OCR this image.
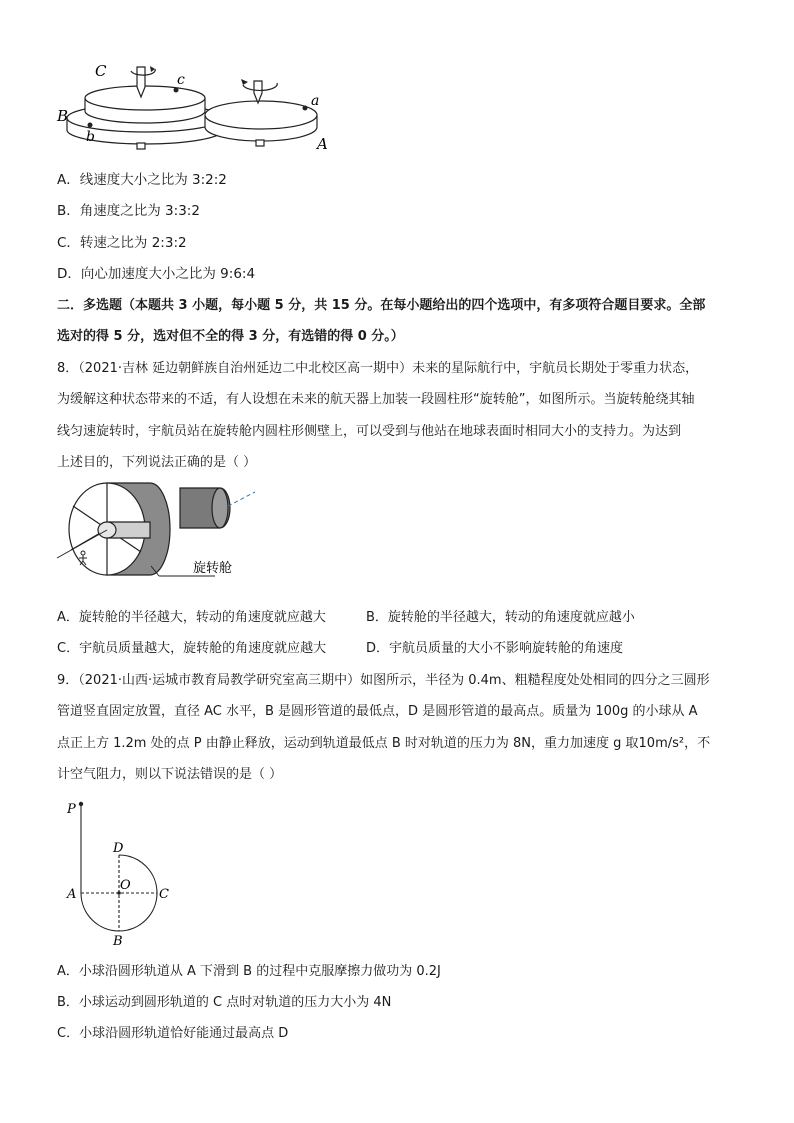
C	c
B
b
a
A
A．线速度大小之比为 3:2:2
B．角速度之比为 3:3:2
C．转速之比为 2:3:2
D．向心加速度大小之比为 9:6:4
二．多选题（本题共 3 小题，每小题 5 分，共 15 分。在每小题给出的四个选项中，有多项符合题目要求。全部
选对的得 5 分，选对但不全的得 3 分，有选错的得 0 分。）
8．（2021·吉林 延边朝鲜族自治州延边二中北校区高一期中）未来的星际航行中，宇航员长期处于零重力状态，
为缓解这种状态带来的不适，有人设想在未来的航天器上加装一段圆柱形“旋转舱”，如图所示。当旋转舱绕其轴
线匀速旋转时，宇航员站在旋转舱内圆柱形侧壁上，可以受到与他站在地球表面时相同大小的支持力。为达到
上述目的，下列说法正确的是（ ）
旋转舱
A．旋转舱的半径越大，转动的角速度就应越大	B．旋转舱的半径越大，转动的角速度就应越小
C．宇航员质量越大，旋转舱的角速度就应越大	D．宇航员质量的大小不影响旋转舱的角速度
9．（2021·山西·运城市教育局教学研究室高三期中）如图所示，半径为 0.4m、粗糙程度处处相同的四分之三圆形
管道竖直固定放置，直径 AC 水平，B 是圆形管道的最低点，D 是圆形管道的最高点。质量为 100g 的小球从 A
点正上方 1.2m 处的点 P 由静止释放，运动到轨道最低点 B 时对轨道的压力为 8N，重力加速度 g 取10m/s²，不
计空气阻力，则以下说法错误的是（ ）
P
D
O
A	C
B
A．小球沿圆形轨道从 A 下滑到 B 的过程中克服摩擦力做功为 0.2J
B．小球运动到圆形轨道的 C 点时对轨道的压力大小为 4N
C．小球沿圆形轨道恰好能通过最高点 D
